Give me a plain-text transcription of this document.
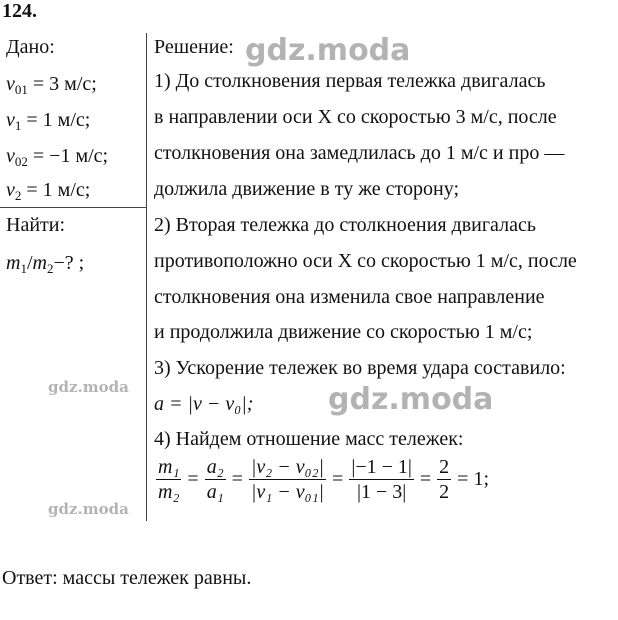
124.
Дано:
$v_{01} = 3$ м/с;
$v_1 = 1$ м/с;
$v_{02} = -1$ м/с;
$v_2 = 1$ м/с;
Найти:
$m_1/m_2-$? ;
Решение:
1) До столкновения первая тележка двигалась
в направлении оси X со скоростью 3 м/с, после
столкновения она замедлилась до 1 м/с и про —
должила движение в ту же сторону;
2) Вторая тележка до столкноения двигалась
противоположно оси X со скоростью 1 м/с, после
столкновения она изменила свое направление
и продолжила движение со скоростью 1 м/с;
3) Ускорение тележек во время удара составило:
a = |v − v₀|;
4) Найдем отношение масс тележек:
$\frac{\text{m₁}}{\text{m₂}} = \frac{\text{a₂}}{\text{a₁}} = \frac{\text{|v₂ − v₀₂|}}{\text{|v₁ − v₀₁|}} = \frac{|-1 - 1|}{|1 - 3|} = \frac{2}{2} = 1$;
gdz.moda
gdz.moda
gdz.moda
gdz.moda
Ответ: массы тележек равны.
